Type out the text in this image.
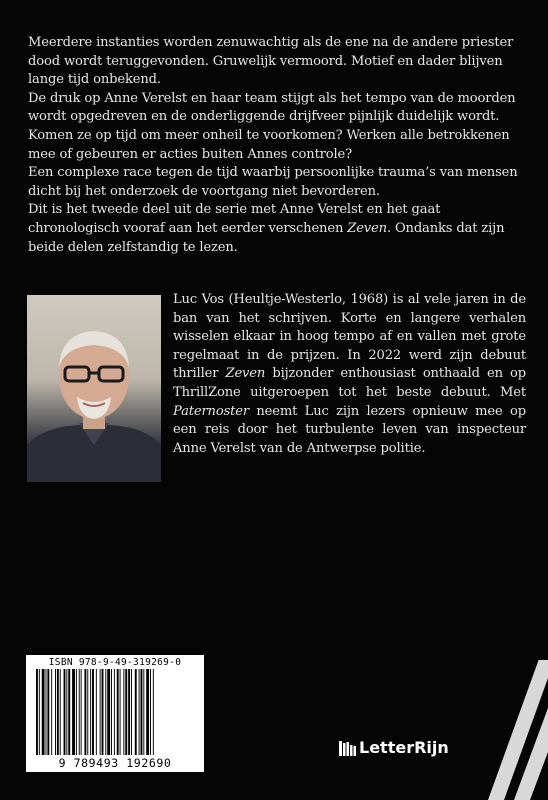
Meerdere instanties worden zenuwachtig als de ene na de andere priester dood wordt teruggevonden. Gruwelijk vermoord. Motief en dader blijven lange tijd onbekend.

De druk op Anne Verelst en haar team stijgt als het tempo van de moorden wordt opgedreven en de onderliggende drijfveer pijnlijk duidelijk wordt. Komen ze op tijd om meer onheil te voorkomen? Werken alle betrokkenen mee of gebeuren er acties buiten Annes controle?

Een complexe race tegen de tijd waarbij persoonlijke trauma’s van mensen dicht bij het onderzoek de voortgang niet bevorderen.

Dit is het tweede deel uit de serie met Anne Verelst en het gaat chronologisch vooraf aan het eerder verschenen Zeven. Ondanks dat zijn beide delen zelfstandig te lezen.

Luc Vos (Heultje-Westerlo, 1968) is al vele jaren in de ban van het schrijven. Korte en langere verhalen wisselen elkaar in hoog tempo af en vallen met grote regelmaat in de prijzen. In 2022 werd zijn debuut thriller Zeven bijzonder enthousiast onthaald en op ThrillZone uitgeroepen tot het beste debuut. Met Paternoster neemt Luc zijn lezers opnieuw mee op een reis door het turbulente leven van inspecteur Anne Verelst van de Antwerpse politie.
ISBN 978-9-49-319269-0
9 789493 192690
LetterRijn
